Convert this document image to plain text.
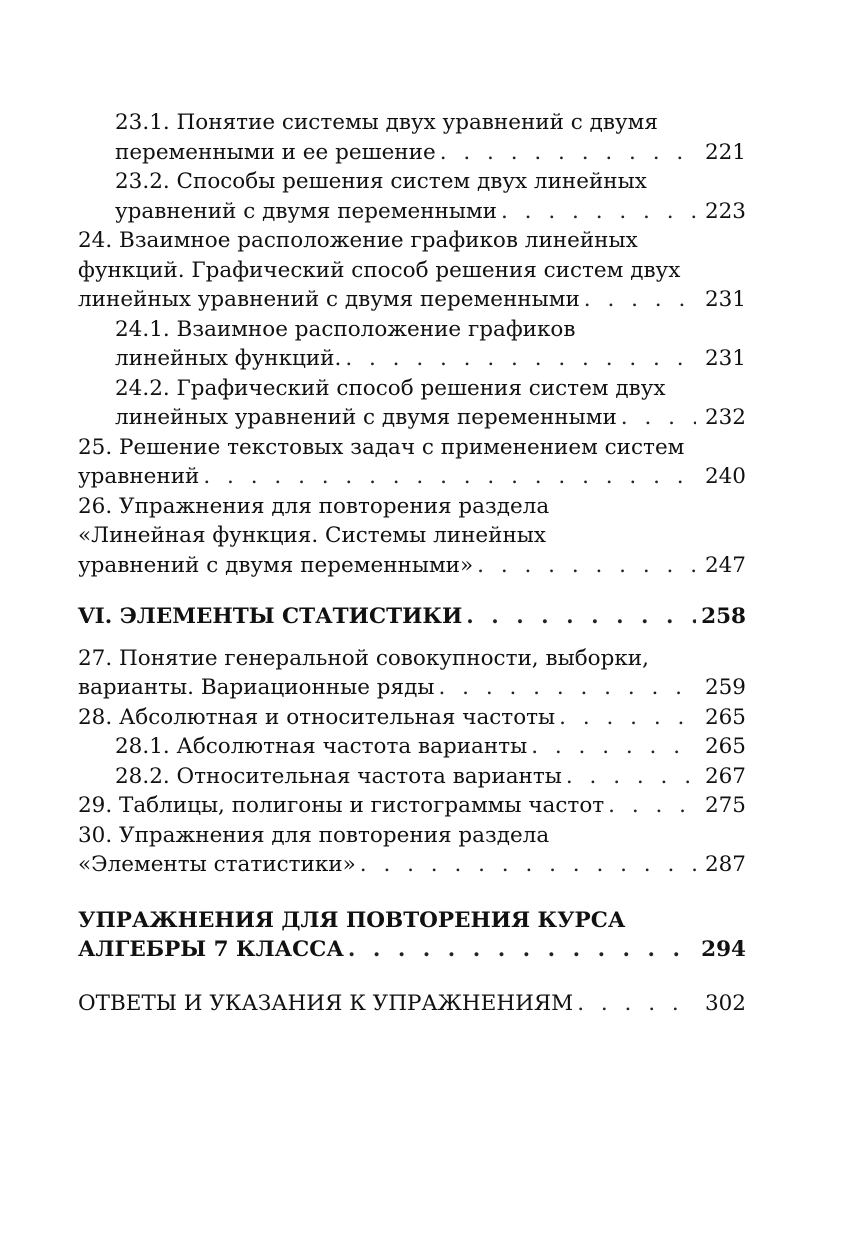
23.1. Понятие системы двух уравнений с двумя
переменными и ее решение . . .	221
23.2. Способы решения систем двух линейных
уравнений с двумя переменными . . .	223
24. Взаимное расположение графиков линейных
функций. Графический способ решения систем двух
линейных уравнений с двумя переменными . . .	231
24.1. Взаимное расположение графиков
линейных функций. . . .	231
24.2. Графический способ решения систем двух
линейных уравнений с двумя переменными . . .	232
25. Решение текстовых задач с применением систем
уравнений . . .	240
26. Упражнения для повторения раздела
«Линейная функция. Системы линейных
уравнений с двумя переменными» . . .	247
VI. ЭЛЕМЕНТЫ СТАТИСТИКИ . . .	258
27. Понятие генеральной совокупности, выборки,
варианты. Вариационные ряды . . .	259
28. Абсолютная и относительная частоты . . .	265
28.1. Абсолютная частота варианты . . .	265
28.2. Относительная частота варианты . . .	267
29. Таблицы, полигоны и гистограммы частот . . .	275
30. Упражнения для повторения раздела
«Элементы статистики» . . .	287
УПРАЖНЕНИЯ ДЛЯ ПОВТОРЕНИЯ КУРСА
АЛГЕБРЫ 7 КЛАССА . . .	294
ОТВЕТЫ И УКАЗАНИЯ К УПРАЖНЕНИЯМ . . .	302
